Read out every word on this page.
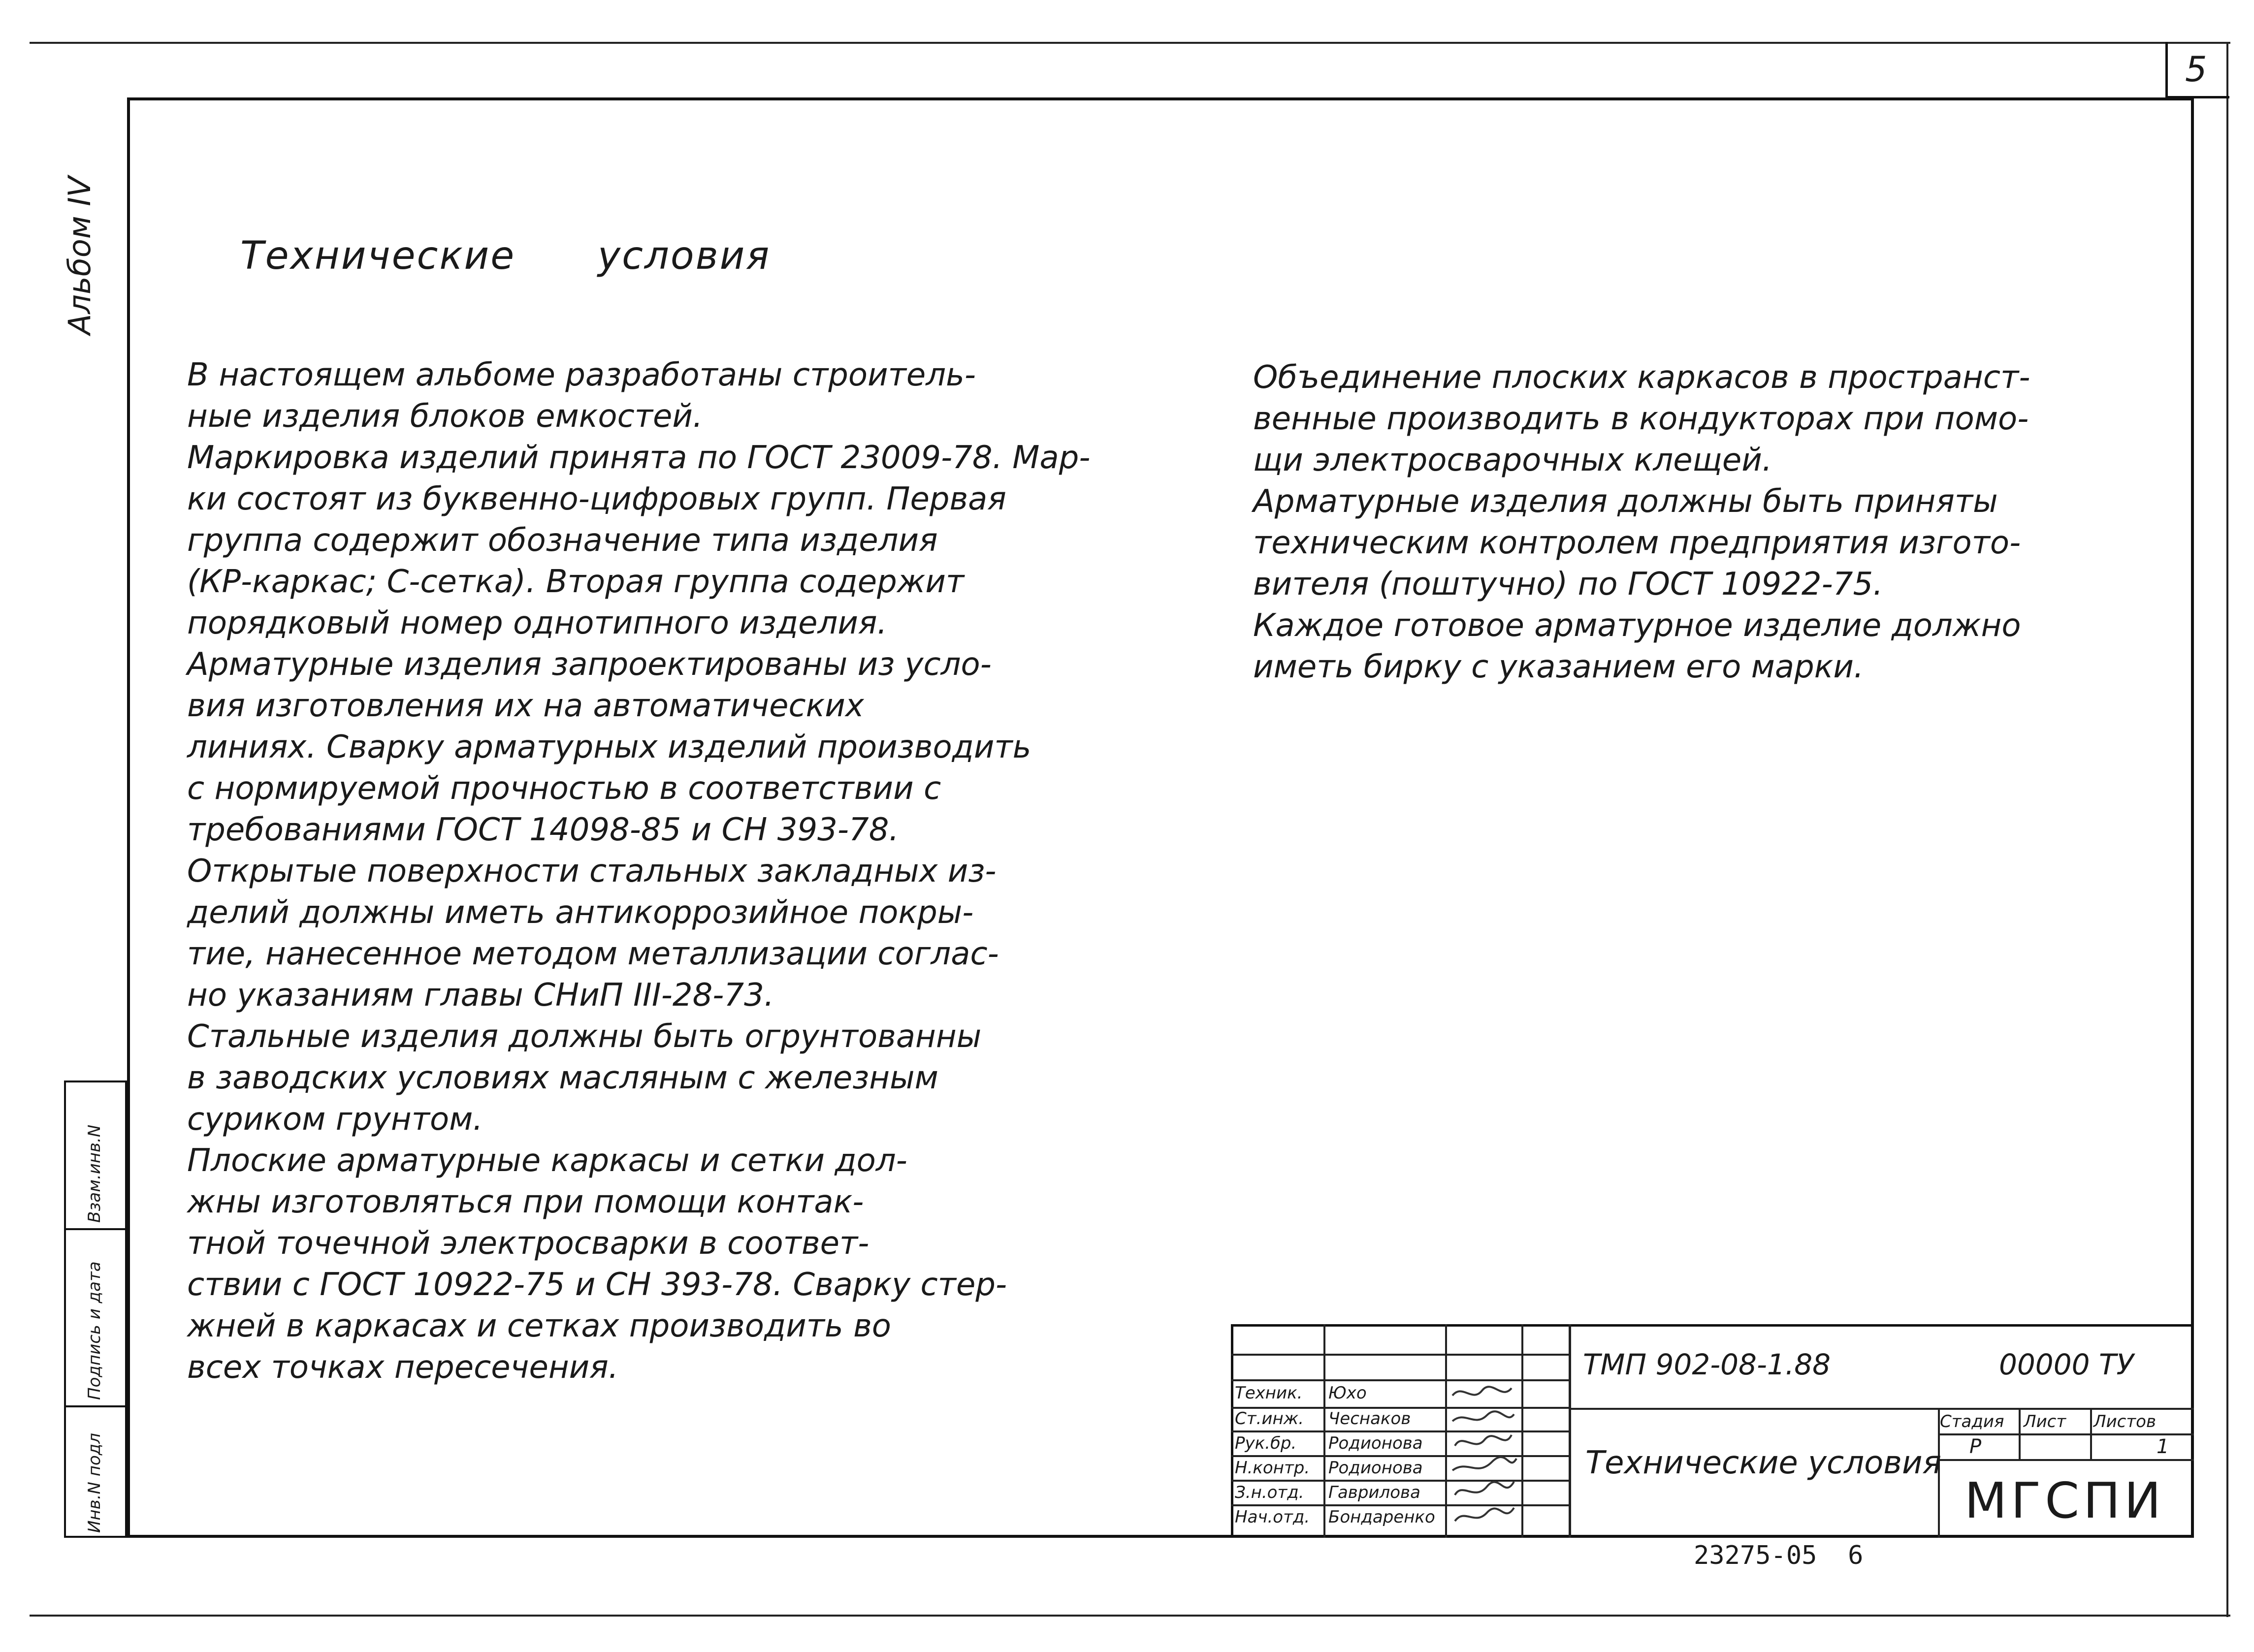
5
Альбом IV
Инв.N подл
Подпись и дата
Взам.инв.N
Технические      условия

В настоящем альбоме разработаны строитель-

ные изделия блоков емкостей.

Маркировка изделий принята по ГОСТ 23009-78. Мар-

ки состоят из буквенно-цифровых групп. Первая

группа содержит обозначение типа изделия

(КР-каркас; С-сетка). Вторая группа содержит

порядковый номер однотипного изделия.

Арматурные изделия запроектированы из усло-

вия изготовления их на автоматических

линиях. Сварку арматурных изделий производить

с нормируемой прочностью в соответствии с

требованиями ГОСТ 14098-85 и СН 393-78.

Открытые поверхности стальных закладных из-

делий должны иметь антикоррозийное покры-

тие, нанесенное методом металлизации соглас-

но указаниям главы СНиП III-28-73.

Стальные изделия должны быть огрунтованны

в заводских условиях масляным с железным

суриком грунтом.

Плоские арматурные каркасы и сетки дол-

жны изготовляться при помощи контак-

тной точечной электросварки в соответ-

ствии с ГОСТ 10922-75 и СН 393-78. Сварку стер-

жней в каркасах и сетках производить во

всех точках пересечения.

Объединение плоских каркасов в пространст-

венные производить в кондукторах при помо-

щи электросварочных клещей.

Арматурные изделия должны быть приняты

техническим контролем предприятия изгото-

вителя (поштучно) по ГОСТ 10922-75.

Каждое готовое арматурное изделие должно

иметь бирку с указанием его марки.

Техник.
Ст.инж.
Рук.бр.
Н.контр.
З.н.отд.
Нач.отд.
Юхо
Чеснаков
Родионова
Родионова
Гаврилова
Бондаренко
Стадия Лист Листов
Р	1
ТМП 902-08-1.88	00000 ТУ
Технические условия
МГСПИ
23275-05  6
